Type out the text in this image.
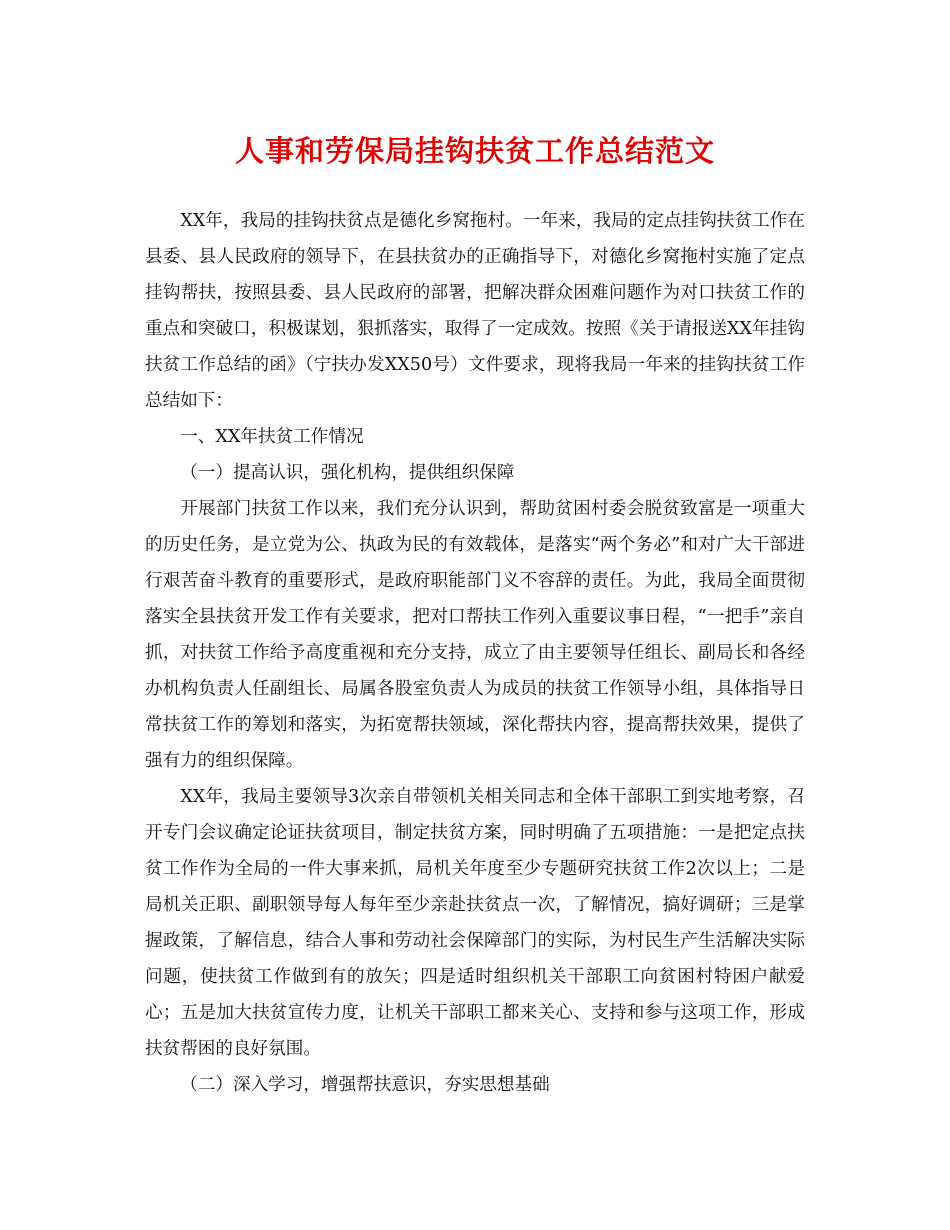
人事和劳保局挂钩扶贫工作总结范文

XX年，我局的挂钩扶贫点是德化乡窝拖村。一年来，我局的定点挂钩扶贫工作在县委、县人民政府的领导下，在县扶贫办的正确指导下，对德化乡窝拖村实施了定点挂钩帮扶，按照县委、县人民政府的部署，把解决群众困难问题作为对口扶贫工作的重点和突破口，积极谋划，狠抓落实，取得了一定成效。按照《关于请报送XX年挂钩扶贫工作总结的函》（宁扶办发XX50号）文件要求，现将我局一年来的挂钩扶贫工作总结如下：

一、XX年扶贫工作情况

（一）提高认识，强化机构，提供组织保障

开展部门扶贫工作以来，我们充分认识到，帮助贫困村委会脱贫致富是一项重大的历史任务，是立党为公、执政为民的有效载体，是落实“两个务必”和对广大干部进行艰苦奋斗教育的重要形式，是政府职能部门义不容辞的责任。为此，我局全面贯彻落实全县扶贫开发工作有关要求，把对口帮扶工作列入重要议事日程，“一把手”亲自抓，对扶贫工作给予高度重视和充分支持，成立了由主要领导任组长、副局长和各经办机构负责人任副组长、局属各股室负责人为成员的扶贫工作领导小组，具体指导日常扶贫工作的筹划和落实，为拓宽帮扶领域，深化帮扶内容，提高帮扶效果，提供了强有力的组织保障。

XX年，我局主要领导3次亲自带领机关相关同志和全体干部职工到实地考察，召开专门会议确定论证扶贫项目，制定扶贫方案，同时明确了五项措施：一是把定点扶贫工作作为全局的一件大事来抓，局机关年度至少专题研究扶贫工作2次以上；二是局机关正职、副职领导每人每年至少亲赴扶贫点一次，了解情况，搞好调研；三是掌握政策，了解信息，结合人事和劳动社会保障部门的实际，为村民生产生活解决实际问题，使扶贫工作做到有的放矢；四是适时组织机关干部职工向贫困村特困户献爱心；五是加大扶贫宣传力度，让机关干部职工都来关心、支持和参与这项工作，形成扶贫帮困的良好氛围。

（二）深入学习，增强帮扶意识，夯实思想基础
